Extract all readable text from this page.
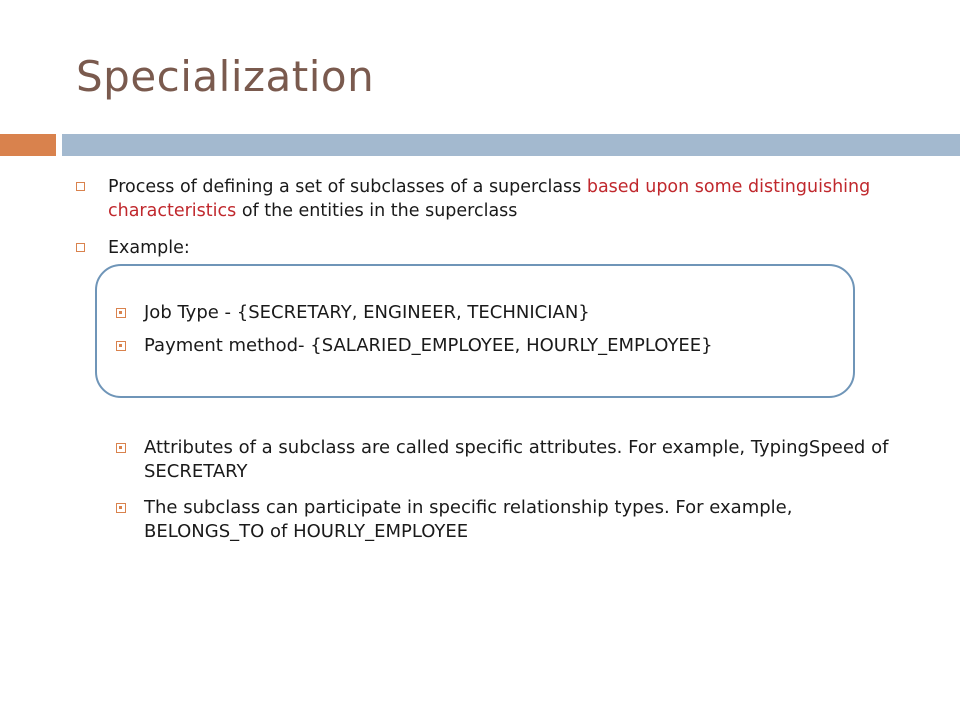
Specialization
Process of defining a set of subclasses of a superclass based upon some distinguishing characteristics of the entities in the superclass
Example:
Job Type - {SECRETARY, ENGINEER, TECHNICIAN}
Payment method- {SALARIED_EMPLOYEE, HOURLY_EMPLOYEE}
Attributes of a subclass are called specific attributes. For example, TypingSpeed of SECRETARY
The subclass can participate in specific relationship types. For example, BELONGS_TO of HOURLY_EMPLOYEE
